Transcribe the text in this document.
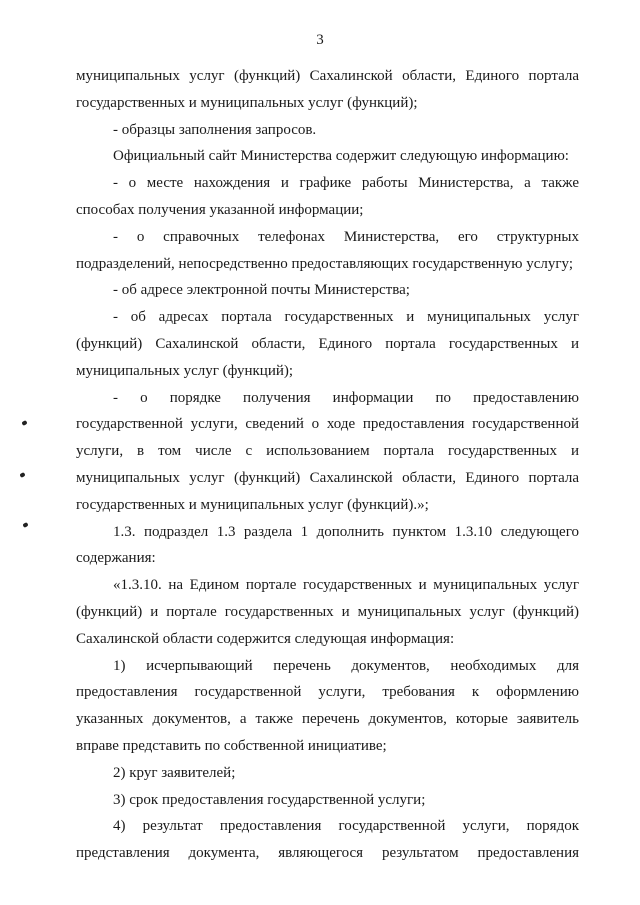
3

муниципальных услуг (функций) Сахалинской области, Единого портала государственных и муниципальных услуг (функций);

- образцы заполнения запросов.

Официальный сайт Министерства содержит следующую информацию:

- о месте нахождения и графике работы Министерства, а также способах получения указанной информации;

- о справочных телефонах Министерства, его структурных подразделений, непосредственно предоставляющих государственную услугу;

- об адресе электронной почты Министерства;

- об адресах портала государственных и муниципальных услуг (функций) Сахалинской области, Единого портала государственных и муниципальных услуг (функций);

- о порядке получения информации по предоставлению государственной услуги, сведений о ходе предоставления государственной услуги, в том числе с использованием портала государственных и муниципальных услуг (функций) Сахалинской области, Единого портала государственных и муниципальных услуг (функций).»;

1.3. подраздел 1.3 раздела 1 дополнить пунктом 1.3.10 следующего содержания:

«1.3.10. на Едином портале государственных и муниципальных услуг (функций) и портале государственных и муниципальных услуг (функций) Сахалинской области содержится следующая информация:

1) исчерпывающий перечень документов, необходимых для предоставления государственной услуги, требования к оформлению указанных документов, а также перечень документов, которые заявитель вправе представить по собственной инициативе;

2) круг заявителей;

3) срок предоставления государственной услуги;

4) результат предоставления государственной услуги, порядок представления документа, являющегося результатом предоставления
